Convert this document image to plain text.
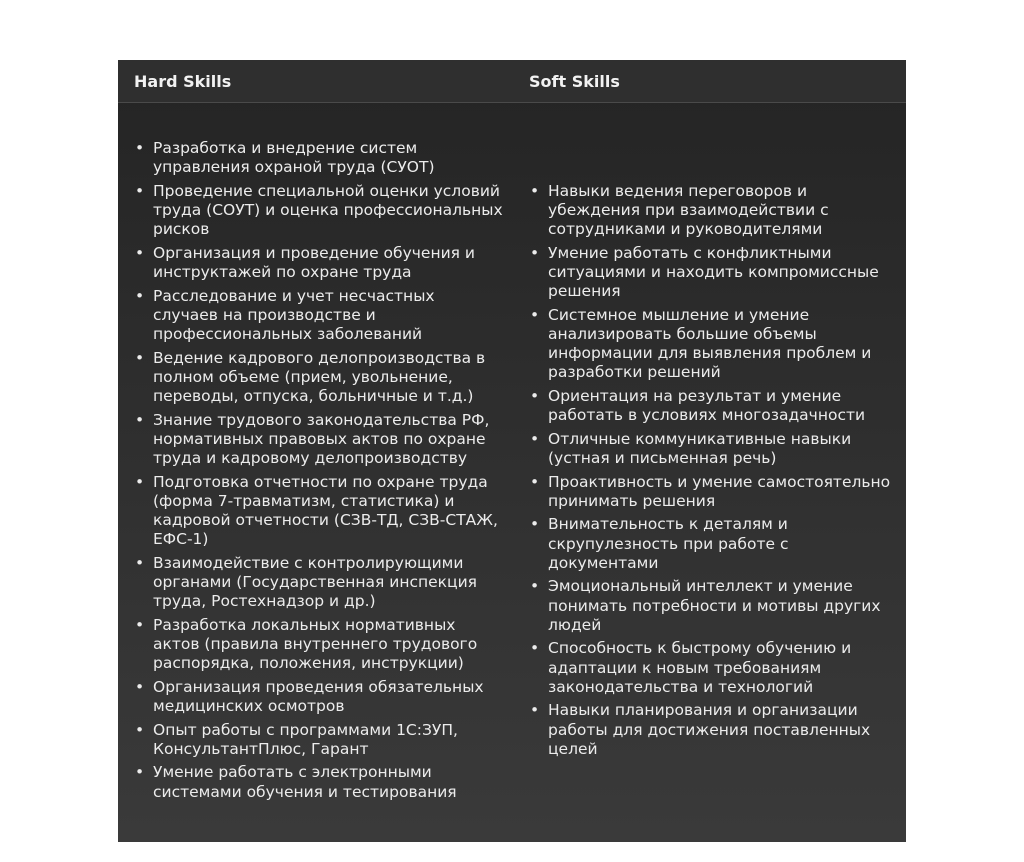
Hard Skills	Soft Skills
• Разработка и внедрение систем управления охраной труда (СУОТ)
• Проведение специальной оценки условий труда (СОУТ) и оценка профессиональных рисков
• Организация и проведение обучения и инструктажей по охране труда
• Расследование и учет несчастных случаев на производстве и профессиональных заболеваний
• Ведение кадрового делопроизводства в полном объеме (прием, увольнение, переводы, отпуска, больничные и т.д.)
• Знание трудового законодательства РФ, нормативных правовых актов по охране труда и кадровому делопроизводству
• Подготовка отчетности по охране труда (форма 7-травматизм, статистика) и кадровой отчетности (СЗВ-ТД, СЗВ-СТАЖ, ЕФС-1)
• Взаимодействие с контролирующими органами (Государственная инспекция труда, Ростехнадзор и др.)
• Разработка локальных нормативных актов (правила внутреннего трудового распорядка, положения, инструкции)
• Организация проведения обязательных медицинских осмотров
• Опыт работы с программами 1С:ЗУП, КонсультантПлюс, Гарант
• Умение работать с электронными системами обучения и тестирования
• Навыки ведения переговоров и убеждения при взаимодействии с сотрудниками и руководителями
• Умение работать с конфликтными ситуациями и находить компромиссные решения
• Системное мышление и умение анализировать большие объемы информации для выявления проблем и разработки решений
• Ориентация на результат и умение работать в условиях многозадачности
• Отличные коммуникативные навыки (устная и письменная речь)
• Проактивность и умение самостоятельно принимать решения
• Внимательность к деталям и скрупулезность при работе с документами
• Эмоциональный интеллект и умение понимать потребности и мотивы других людей
• Способность к быстрому обучению и адаптации к новым требованиям законодательства и технологий
• Навыки планирования и организации работы для достижения поставленных целей
